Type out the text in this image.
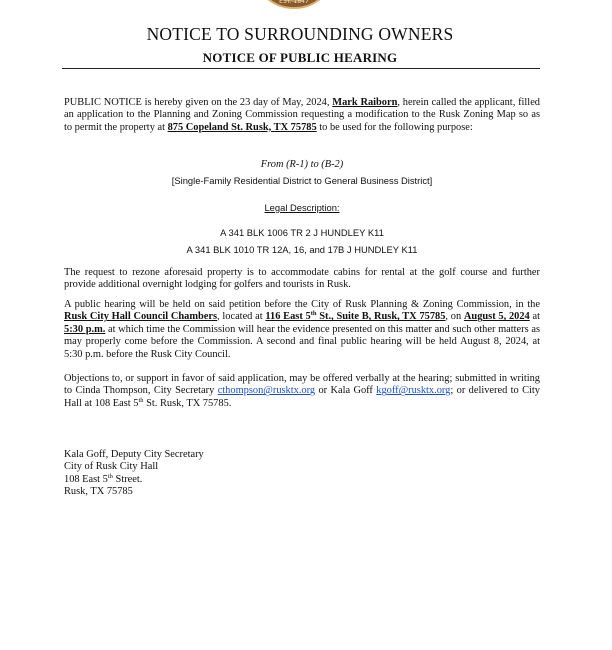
EST. 1847
NOTICE TO SURROUNDING OWNERS
NOTICE OF PUBLIC HEARING
PUBLIC NOTICE is hereby given on the 23 day of May, 2024, Mark Raiborn, herein called the applicant, filled an application to the Planning and Zoning Commission requesting a modification to the Rusk Zoning Map so as to permit the property at 875 Copeland St. Rusk, TX 75785 to be used for the following purpose:
From (R-1) to (B-2)
[Single-Family Residential District to General Business District]
Legal Description:
A 341 BLK 1006 TR 2 J HUNDLEY K11
A 341 BLK 1010 TR 12A, 16, and 17B J HUNDLEY K11
The request to rezone aforesaid property is to accommodate cabins for rental at the golf course and further provide additional overnight lodging for golfers and tourists in Rusk.
A public hearing will be held on said petition before the City of Rusk Planning & Zoning Commission, in the Rusk City Hall Council Chambers, located at 116 East 5th St., Suite B, Rusk, TX 75785, on August 5, 2024 at 5:30 p.m. at which time the Commission will hear the evidence presented on this matter and such other matters as may properly come before the Commission. A second and final public hearing will be held August 8, 2024, at 5:30 p.m. before the Rusk City Council.
Objections to, or support in favor of said application, may be offered verbally at the hearing; submitted in writing to Cinda Thompson, City Secretary cthompson@rusktx.org or Kala Goff kgoff@rusktx.org; or delivered to City Hall at 108 East 5th St. Rusk, TX 75785.
Kala Goff, Deputy City Secretary
City of Rusk City Hall
108 East 5th Street.
Rusk, TX 75785
